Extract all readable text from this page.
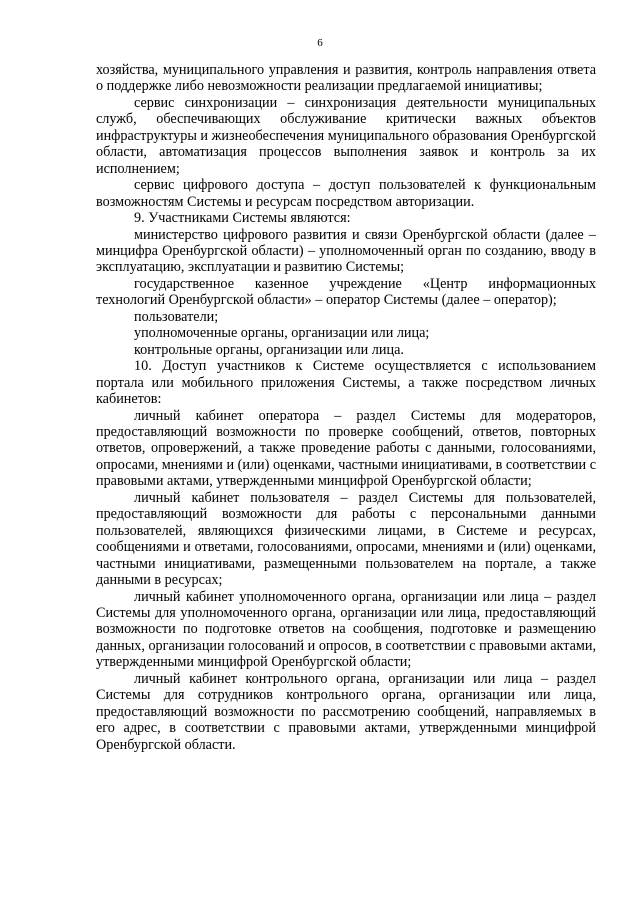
6

хозяйства, муниципального управления и развития, контроль направления ответа о поддержке либо невозможности реализации предлагаемой инициативы;

сервис синхронизации – синхронизация деятельности муниципальных служб, обеспечивающих обслуживание критически важных объектов инфраструктуры и жизнеобеспечения муниципального образования Оренбургской области, автоматизация процессов выполнения заявок и контроль за их исполнением;

сервис цифрового доступа – доступ пользователей к функциональным возможностям Системы и ресурсам посредством авторизации.

9. Участниками Системы являются:

министерство цифрового развития и связи Оренбургской области (далее – минцифра Оренбургской области) – уполномоченный орган по созданию, вводу в эксплуатацию, эксплуатации и развитию Системы;

государственное казенное учреждение «Центр информационных технологий Оренбургской области» – оператор Системы (далее – оператор);

пользователи;

уполномоченные органы, организации или лица;

контрольные органы, организации или лица.

10. Доступ участников к Системе осуществляется с использованием портала или мобильного приложения Системы, а также посредством личных кабинетов:

личный кабинет оператора – раздел Системы для модераторов, предоставляющий возможности по проверке сообщений, ответов, повторных ответов, опровержений, а также проведение работы с данными, голосованиями, опросами, мнениями и (или) оценками, частными инициативами, в соответствии с правовыми актами, утвержденными минцифрой Оренбургской области;

личный кабинет пользователя – раздел Системы для пользователей, предоставляющий возможности для работы с персональными данными пользователей, являющихся физическими лицами, в Системе и ресурсах, сообщениями и ответами, голосованиями, опросами, мнениями и (или) оценками, частными инициативами, размещенными пользователем на портале, а также данными в ресурсах;

личный кабинет уполномоченного органа, организации или лица – раздел Системы для уполномоченного органа, организации или лица, предоставляющий возможности по подготовке ответов на сообщения, подготовке и размещению данных, организации голосований и опросов, в соответствии с правовыми актами, утвержденными минцифрой Оренбургской области;

личный кабинет контрольного органа, организации или лица – раздел Системы для сотрудников контрольного органа, организации или лица, предоставляющий возможности по рассмотрению сообщений, направляемых в его адрес, в соответствии с правовыми актами, утвержденными минцифрой Оренбургской области.
